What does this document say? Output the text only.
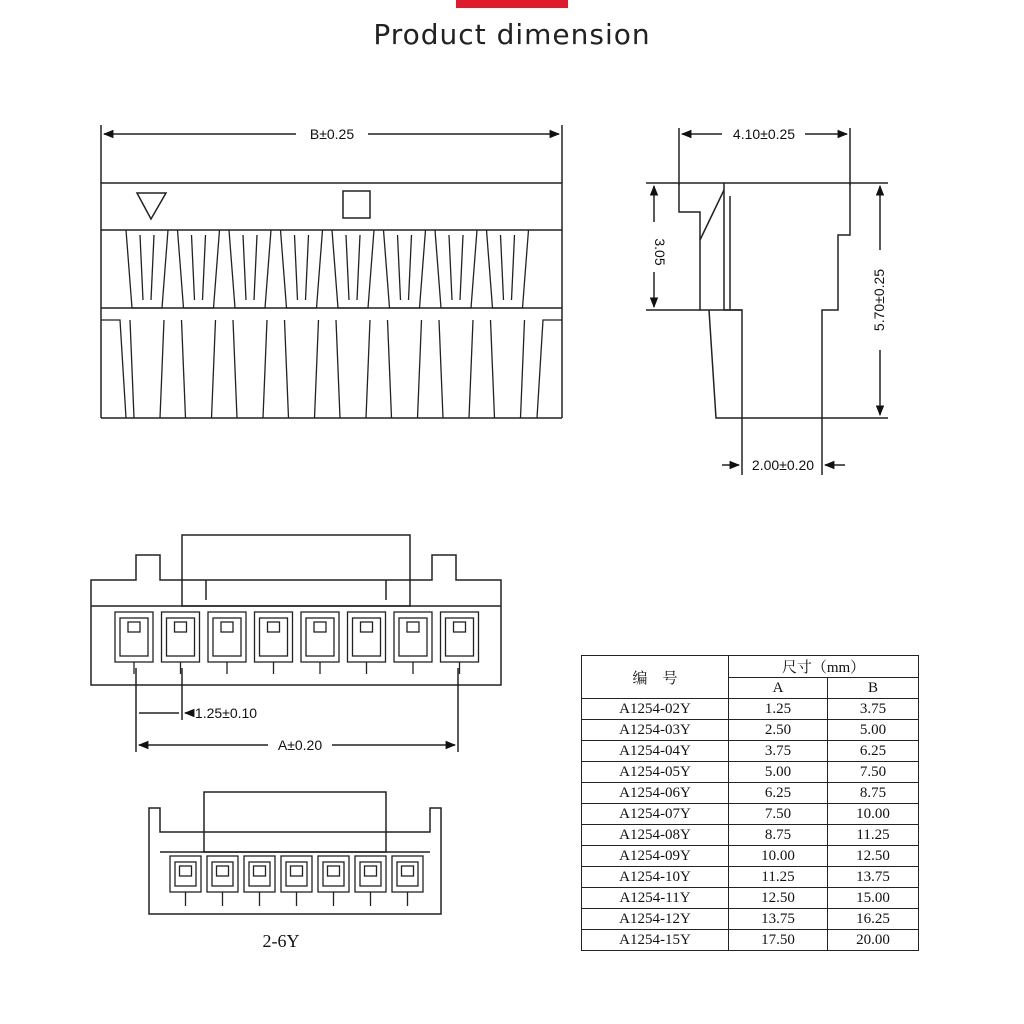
Product dimension
B±0.25	4.10±0.25
3.05
5.70±0.25
2.00±0.20
1.25±0.10
A±0.20
2-6Y
编　号	尺寸（mm）	
	A	B
A1254-02Y	1.25	3.75
A1254-03Y	2.50	5.00
A1254-04Y	3.75	6.25
A1254-05Y	5.00	7.50
A1254-06Y	6.25	8.75
A1254-07Y	7.50	10.00
A1254-08Y	8.75	11.25
A1254-09Y	10.00	12.50
A1254-10Y	11.25	13.75
A1254-11Y	12.50	15.00
A1254-12Y	13.75	16.25
A1254-15Y	17.50	20.00
